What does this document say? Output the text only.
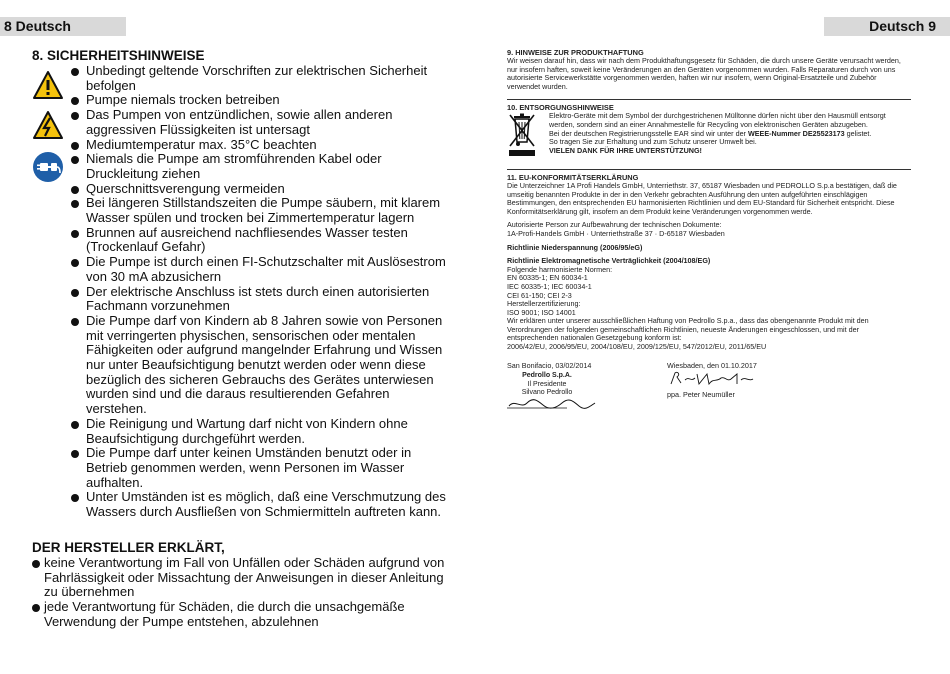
8 Deutsch	Deutsch 9
8. SICHERHEITSHINWEISE
Unbedingt geltende Vorschriften zur elektrischen Sicherheit befolgen
Pumpe niemals trocken betreiben
Das Pumpen von entzündlichen, sowie allen anderen aggressiven Flüssigkeiten ist untersagt
Mediumtemperatur max. 35°C beachten
Niemals die Pumpe am stromführenden Kabel oder Druckleitung ziehen
Querschnittsverengung vermeiden
Bei längeren Stillstandszeiten die Pumpe säubern, mit klarem Wasser spülen und trocken bei Zimmertemperatur lagern
Brunnen auf ausreichend nachfliesendes Wasser testen (Trockenlauf Gefahr)
Die Pumpe ist durch einen FI-Schutzschalter mit Auslösestrom von 30 mA abzusichern
Der elektrische Anschluss ist stets durch einen autorisierten Fachmann vorzunehmen
Die Pumpe darf von Kindern ab 8 Jahren sowie von Personen mit verringerten physischen, sensorischen oder mentalen Fähigkeiten oder aufgrund mangelnder Erfahrung und Wissen nur unter Beaufsichtigung benutzt werden oder wenn diese bezüglich des sicheren Gebrauchs des Gerätes unterwiesen wurden sind und die daraus resultierenden Gefahren verstehen.
Die Reinigung und Wartung darf nicht von Kindern ohne Beaufsichtigung durchgeführt werden.
Die Pumpe darf unter keinen Umständen benutzt oder in Betrieb genommen werden, wenn Personen im Wasser aufhalten.
Unter Umständen ist es möglich, daß eine Verschmutzung des Wassers durch Ausfließen von Schmiermitteln auftreten kann.
DER HERSTELLER ERKLÄRT,
keine Verantwortung im Fall von Unfällen oder Schäden aufgrund von Fahrlässigkeit oder Missachtung der Anweisungen in dieser Anleitung zu übernehmen
jede Verantwortung für Schäden, die durch die unsachgemäße Verwendung der Pumpe entstehen, abzulehnen
9. HINWEISE ZUR PRODUKTHAFTUNG
Wir weisen darauf hin, dass wir nach dem Produkthaftungsgesetz für Schäden, die durch unsere Geräte verursacht werden, nur insofern haften, soweit keine Veränderungen an den Geräten vorgenommen wurden. Falls Reparaturen durch von uns autorisierte Servicewerkstätte vorgenommen werden, haften wir nur insofern, wenn Original-Ersatzteile und Zubehör verwendet wurden.
10. ENTSORGUNGSHINWEISE
Elektro-Geräte mit dem Symbol der durchgestrichenen Mülltonne dürfen nicht über den Hausmüll entsorgt werden, sondern sind an einer Annahmestelle für Recycling von elektronischen Geräten abzugeben.
Bei der deutschen Registrierungsstelle EAR sind wir unter der WEEE-Nummer DE25523173 gelistet.
So tragen Sie zur Erhaltung und zum Schutz unserer Umwelt bei.
VIELEN DANK FÜR IHRE UNTERSTÜTZUNG!
11. EU-KONFORMITÄTSERKLÄRUNG
Die Unterzeichner 1A Profi Handels GmbH, Unterriethstr. 37, 65187 Wiesbaden und PEDROLLO S.p.a bestätigen, daß die umseitig benannten Produkte in der in den Verkehr gebrachten Ausführung den unten aufgeführten einschlägigen Bestimmungen, den entsprechenden EU harmonisierten Richtlinien und dem EU-Standard für Sicherheit entspricht. Diese Konformitätserklärung gilt, insofern an dem Produkt keine Veränderungen vorgenommen werde.
Autorisierte Person zur Aufbewahrung der technischen Dokumente:
1A-Profi-Handels GmbH · Unterriethstraße 37 · D-65187 Wiesbaden
Richtlinie Niederspannung (2006/95/eG)
Richtlinie Elektromagnetische Verträglichkeit (2004/108/EG)
Folgende harmonisierte Normen:
EN 60335-1; EN 60034-1
IEC 60335-1; IEC 60034-1
CEI 61-150; CEI 2-3
Herstellerzertifizierung:
ISO 9001; ISO 14001
Wir erklären unter unserer ausschließlichen Haftung von Pedrollo S.p.a., dass das obengenannte Produkt mit den Verordnungen der folgenden gemeinschaftlichen Richtlinien, neueste Änderungen eingeschlossen, und mit der entsprechenden nationalen Gesetzgebung konform ist:
2006/42/EU, 2006/95/EU, 2004/108/EU, 2009/125/EU, 547/2012/EU, 2011/65/EU
San Bonifacio, 03/02/2014
Pedrollo S.p.A.
Il Presidente
Silvano Pedrollo
Wiesbaden, den 01.10.2017
ppa. Peter Neumüller
